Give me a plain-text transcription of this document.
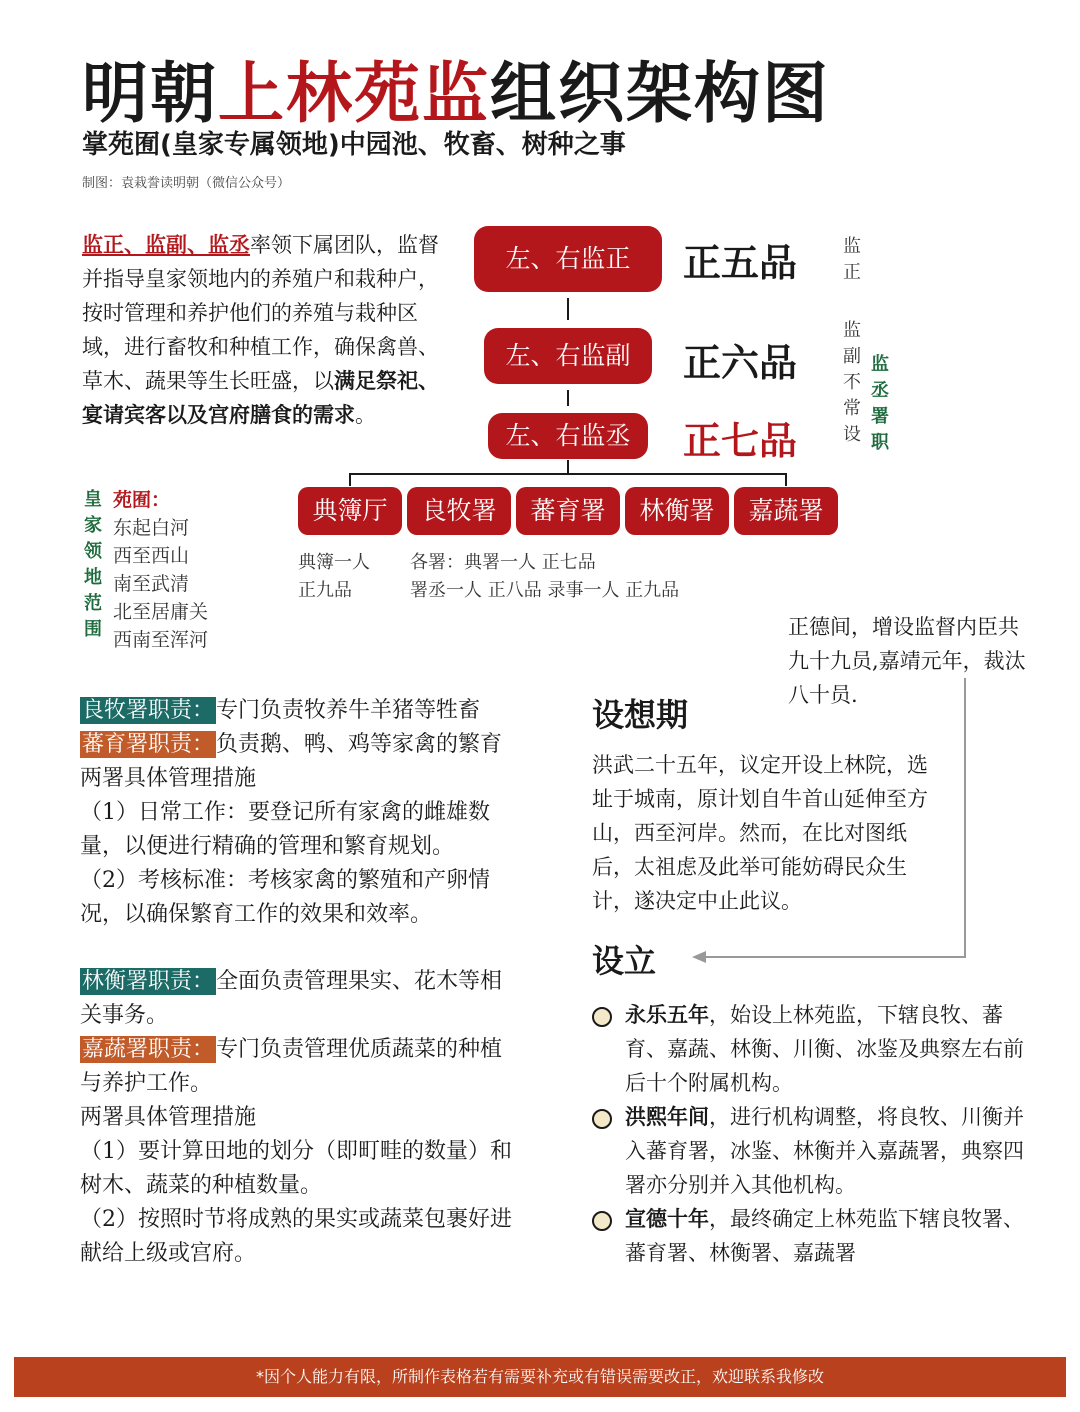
明朝上林苑监组织架构图
掌苑囿(皇家专属领地)中园池、牧畜、树种之事
制图：袁栽誊读明朝（微信公众号）
监正、监副、监丞率领下属团队，监督并指导皇家领地内的养殖户和栽种户，按时管理和养护他们的养殖与栽种区域，进行畜牧和种植工作，确保禽兽、草木、蔬果等生长旺盛，以满足祭祀、宴请宾客以及宫府膳食的需求。
左、右监正	正五品
左、右监副	正六品
左、右监丞	正七品
监正
监副不常设
监丞署职
典簿厅	良牧署	蕃育署	林衡署	嘉蔬署
典簿一人
正九品
各署：典署一人 正七品
署丞一人 正八品 录事一人 正九品
皇家领地范围
苑囿：
东起白河
西至西山
南至武清
北至居庸关
西南至浑河
良牧署职责：专门负责牧养牛羊猪等牲畜
蕃育署职责：负责鹅、鸭、鸡等家禽的繁育
两署具体管理措施
（1）日常工作：要登记所有家禽的雌雄数
量，以便进行精确的管理和繁育规划。
（2）考核标准：考核家禽的繁殖和产卵情
况，以确保繁育工作的效果和效率。
林衡署职责：全面负责管理果实、花木等相
关事务。
嘉蔬署职责：专门负责管理优质蔬菜的种植
与养护工作。
两署具体管理措施
（1）要计算田地的划分（即町畦的数量）和
树木、蔬菜的种植数量。
（2）按照时节将成熟的果实或蔬菜包裹好进
献给上级或宫府。
正德间，增设监督内臣共九十九员,嘉靖元年，裁汰八十员.
设想期
洪武二十五年，议定开设上林院，选址于城南，原计划自牛首山延伸至方山，西至河岸。然而，在比对图纸后，太祖虑及此举可能妨碍民众生计，遂决定中止此议。
设立
永乐五年，始设上林苑监，下辖良牧、蕃育、嘉蔬、林衡、川衡、冰鉴及典察左右前后十个附属机构。
洪熙年间，进行机构调整，将良牧、川衡并入蕃育署，冰鉴、林衡并入嘉蔬署，典察四署亦分别并入其他机构。
宣德十年，最终确定上林苑监下辖良牧署、蕃育署、林衡署、嘉蔬署
*因个人能力有限，所制作表格若有需要补充或有错误需要改正，欢迎联系我修改
